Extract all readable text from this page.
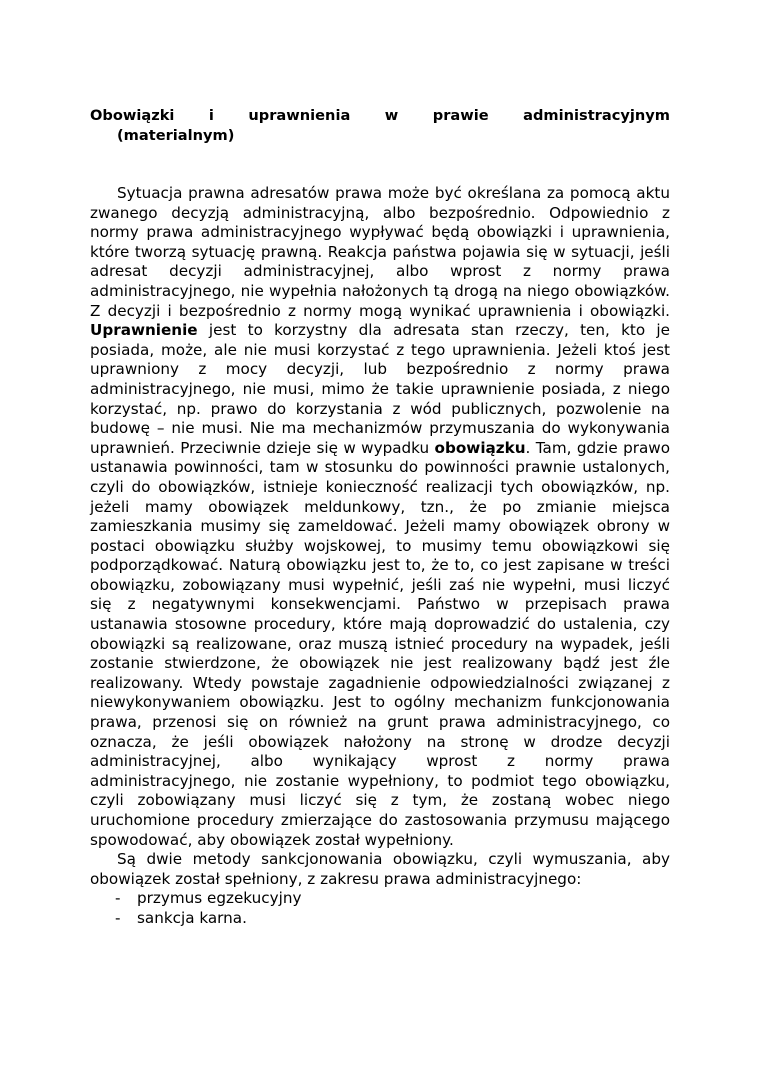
Obowiązki i uprawnienia w prawie administracyjnym

(materialnym)

Sytuacja prawna adresatów prawa może być określana za pomocą aktu zwanego decyzją administracyjną, albo bezpośrednio. Odpowiednio z normy prawa administracyjnego wypływać będą obowiązki i uprawnienia, które tworzą sytuację prawną. Reakcja państwa pojawia się w sytuacji, jeśli adresat decyzji administracyjnej, albo wprost z normy prawa administracyjnego, nie wypełnia nałożonych tą drogą na niego obowiązków. Z decyzji i bezpośrednio z normy mogą wynikać uprawnienia i obowiązki. Uprawnienie jest to korzystny dla adresata stan rzeczy, ten, kto je posiada, może, ale nie musi korzystać z tego uprawnienia. Jeżeli ktoś jest uprawniony z mocy decyzji, lub bezpośrednio z normy prawa administracyjnego, nie musi, mimo że takie uprawnienie posiada, z niego korzystać, np. prawo do korzystania z wód publicznych, pozwolenie na budowę – nie musi. Nie ma mechanizmów przymuszania do wykonywania uprawnień. Przeciwnie dzieje się w wypadku obowiązku. Tam, gdzie prawo ustanawia powinności, tam w stosunku do powinności prawnie ustalonych, czyli do obowiązków, istnieje konieczność realizacji tych obowiązków, np. jeżeli mamy obowiązek meldunkowy, tzn., że po zmianie miejsca zamieszkania musimy się zameldować. Jeżeli mamy obowiązek obrony w postaci obowiązku służby wojskowej, to musimy temu obowiązkowi się podporządkować. Naturą obowiązku jest to, że to, co jest zapisane w treści obowiązku, zobowiązany musi wypełnić, jeśli zaś nie wypełni, musi liczyć się z negatywnymi konsekwencjami. Państwo w przepisach prawa ustanawia stosowne procedury, które mają doprowadzić do ustalenia, czy obowiązki są realizowane, oraz muszą istnieć procedury na wypadek, jeśli zostanie stwierdzone, że obowiązek nie jest realizowany bądź jest źle realizowany. Wtedy powstaje zagadnienie odpowiedzialności związanej z niewykonywaniem obowiązku. Jest to ogólny mechanizm funkcjonowania prawa, przenosi się on również na grunt prawa administracyjnego, co oznacza, że jeśli obowiązek nałożony na stronę w drodze decyzji administracyjnej, albo wynikający wprost z normy prawa administracyjnego, nie zostanie wypełniony, to podmiot tego obowiązku, czyli zobowiązany musi liczyć się z tym, że zostaną wobec niego uruchomione procedury zmierzające do zastosowania przymusu mającego spowodować, aby obowiązek został wypełniony.

Są dwie metody sankcjonowania obowiązku, czyli wymuszania, aby obowiązek został spełniony, z zakresu prawa administracyjnego:

- przymus egzekucyjny
- sankcja karna.
